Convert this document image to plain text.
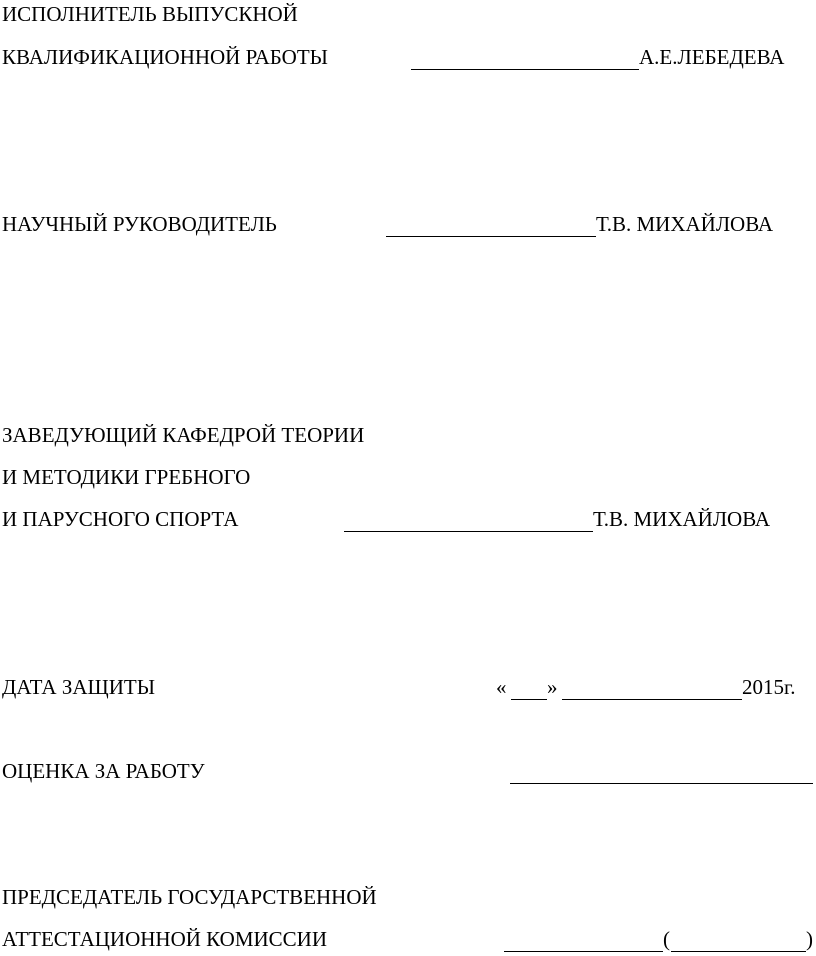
ИСПОЛНИТЕЛЬ ВЫПУСКНОЙ
КВАЛИФИКАЦИОННОЙ РАБОТЫ	А.Е.ЛЕБЕДЕВА
НАУЧНЫЙ РУКОВОДИТЕЛЬ	Т.В. МИХАЙЛОВА
ЗАВЕДУЮЩИЙ КАФЕДРОЙ ТЕОРИИ
И МЕТОДИКИ ГРЕБНОГО
И ПАРУСНОГО СПОРТА	Т.В. МИХАЙЛОВА
ДАТА ЗАЩИТЫ	« »	2015г.
ОЦЕНКА ЗА РАБОТУ
ПРЕДСЕДАТЕЛЬ ГОСУДАРСТВЕННОЙ
АТТЕСТАЦИОННОЙ КОМИССИИ	(	)
